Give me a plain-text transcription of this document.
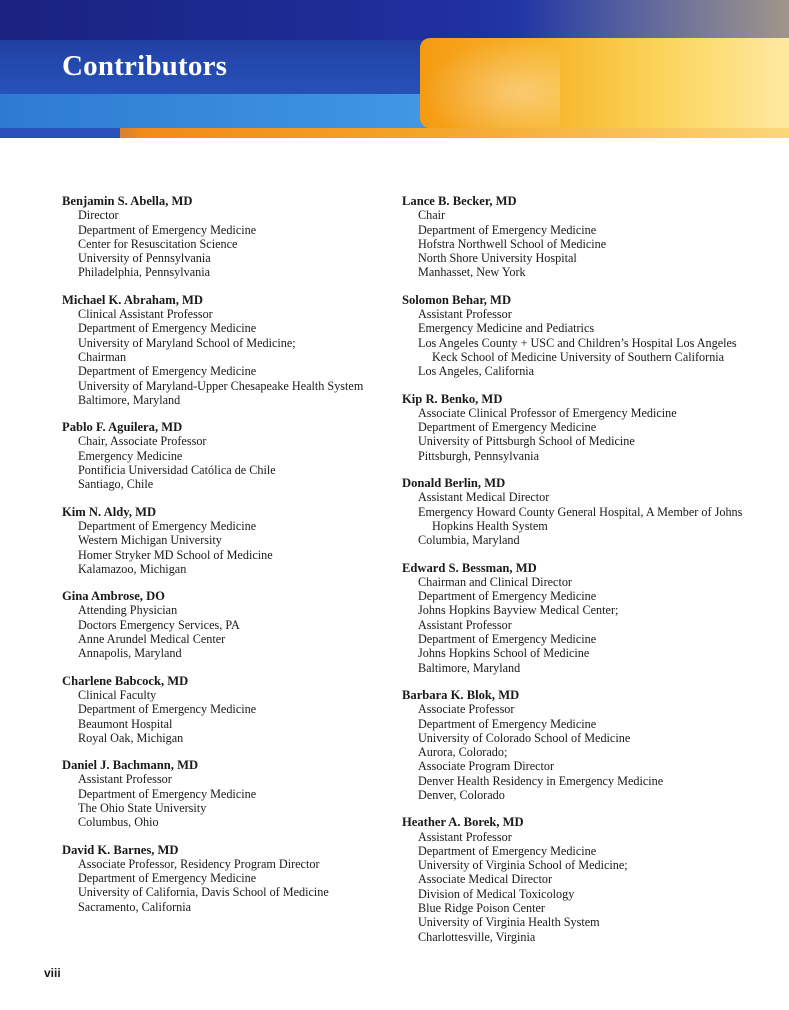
Contributors
Benjamin S. Abella, MD
Director
Department of Emergency Medicine
Center for Resuscitation Science
University of Pennsylvania
Philadelphia, Pennsylvania
Michael K. Abraham, MD
Clinical Assistant Professor
Department of Emergency Medicine
University of Maryland School of Medicine;
Chairman
Department of Emergency Medicine
University of Maryland-Upper Chesapeake Health System
Baltimore, Maryland
Pablo F. Aguilera, MD
Chair, Associate Professor
Emergency Medicine
Pontificia Universidad Católica de Chile
Santiago, Chile
Kim N. Aldy, MD
Department of Emergency Medicine
Western Michigan University
Homer Stryker MD School of Medicine
Kalamazoo, Michigan
Gina Ambrose, DO
Attending Physician
Doctors Emergency Services, PA
Anne Arundel Medical Center
Annapolis, Maryland
Charlene Babcock, MD
Clinical Faculty
Department of Emergency Medicine
Beaumont Hospital
Royal Oak, Michigan
Daniel J. Bachmann, MD
Assistant Professor
Department of Emergency Medicine
The Ohio State University
Columbus, Ohio
David K. Barnes, MD
Associate Professor, Residency Program Director
Department of Emergency Medicine
University of California, Davis School of Medicine
Sacramento, California
Lance B. Becker, MD
Chair
Department of Emergency Medicine
Hofstra Northwell School of Medicine
North Shore University Hospital
Manhasset, New York
Solomon Behar, MD
Assistant Professor
Emergency Medicine and Pediatrics
Los Angeles County + USC and Children’s Hospital Los Angeles Keck School of Medicine University of Southern California
Los Angeles, California
Kip R. Benko, MD
Associate Clinical Professor of Emergency Medicine
Department of Emergency Medicine
University of Pittsburgh School of Medicine
Pittsburgh, Pennsylvania
Donald Berlin, MD
Assistant Medical Director
Emergency Howard County General Hospital, A Member of Johns Hopkins Health System
Columbia, Maryland
Edward S. Bessman, MD
Chairman and Clinical Director
Department of Emergency Medicine
Johns Hopkins Bayview Medical Center;
Assistant Professor
Department of Emergency Medicine
Johns Hopkins School of Medicine
Baltimore, Maryland
Barbara K. Blok, MD
Associate Professor
Department of Emergency Medicine
University of Colorado School of Medicine
Aurora, Colorado;
Associate Program Director
Denver Health Residency in Emergency Medicine
Denver, Colorado
Heather A. Borek, MD
Assistant Professor
Department of Emergency Medicine
University of Virginia School of Medicine;
Associate Medical Director
Division of Medical Toxicology
Blue Ridge Poison Center
University of Virginia Health System
Charlottesville, Virginia
viii
